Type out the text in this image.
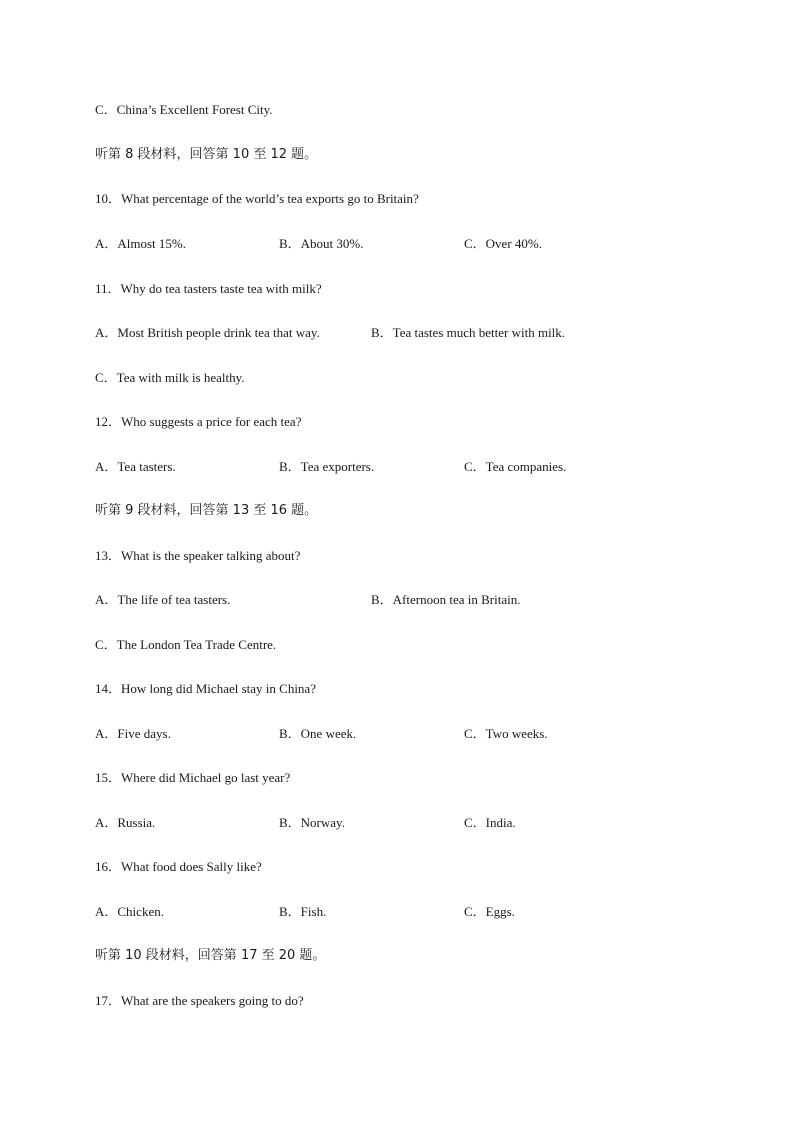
C．China’s Excellent Forest City.
听第 8 段材料，回答第 10 至 12 题。
10．What percentage of the world’s tea exports go to Britain?
A．Almost 15%.	B．About 30%.	C．Over 40%.
11．Why do tea tasters taste tea with milk?
A．Most British people drink tea that way.	B．Tea tastes much better with milk.
C．Tea with milk is healthy.
12．Who suggests a price for each tea?
A．Tea tasters.	B．Tea exporters.	C．Tea companies.
听第 9 段材料，回答第 13 至 16 题。
13．What is the speaker talking about?
A．The life of tea tasters.	B．Afternoon tea in Britain.
C．The London Tea Trade Centre.
14．How long did Michael stay in China?
A．Five days.	B．One week.	C．Two weeks.
15．Where did Michael go last year?
A．Russia.	B．Norway.	C．India.
16．What food does Sally like?
A．Chicken.	B．Fish.	C．Eggs.
听第 10 段材料，回答第 17 至 20 题。
17．What are the speakers going to do?
